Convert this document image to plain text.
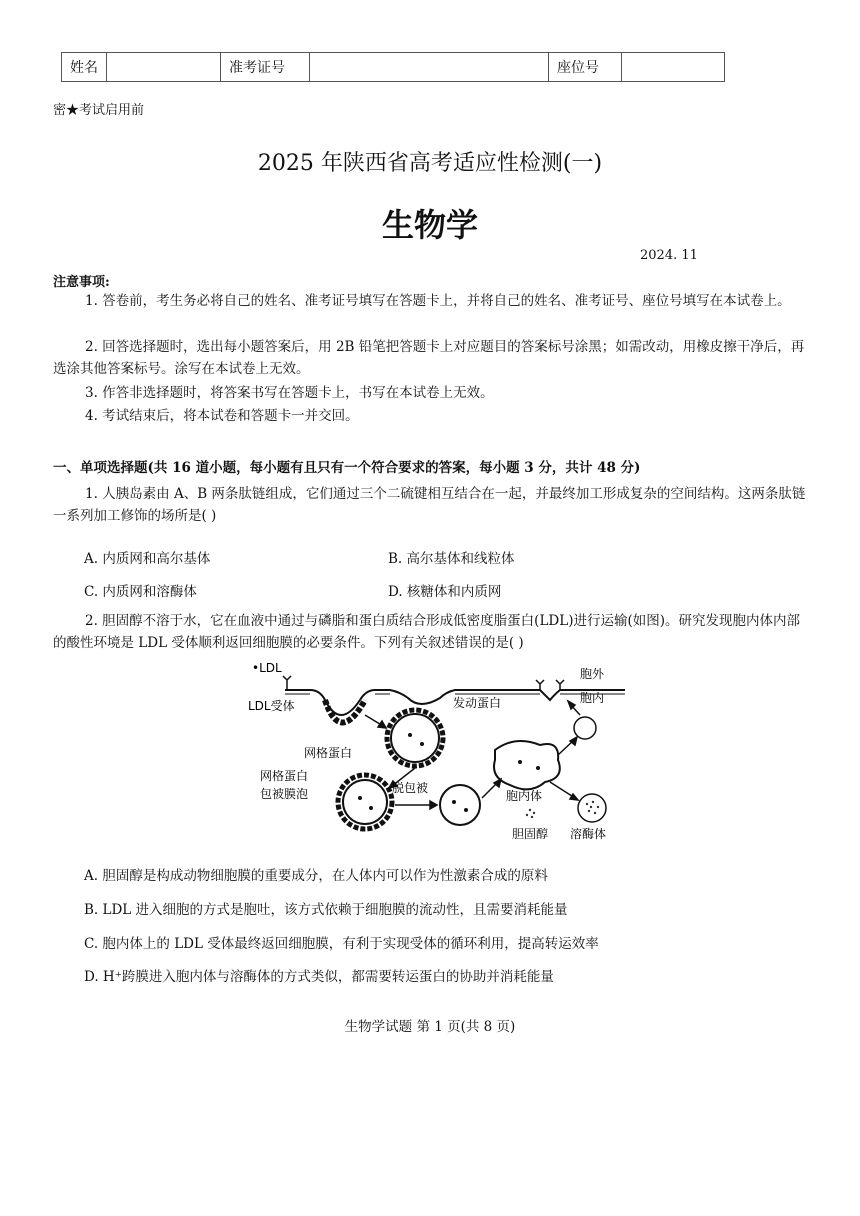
姓名		准考证号		座位号	
密★考试启用前
2025 年陕西省高考适应性检测(一)
生物学
2024. 11
注意事项:
1. 答卷前，考生务必将自己的姓名、准考证号填写在答题卡上，并将自己的姓名、准考证号、座位号填写在本试卷上。
2. 回答选择题时，选出每小题答案后，用 2B 铅笔把答题卡上对应题目的答案标号涂黑；如需改动，用橡皮擦干净后，再选涂其他答案标号。涂写在本试卷上无效。
3. 作答非选择题时，将答案书写在答题卡上，书写在本试卷上无效。
4. 考试结束后，将本试卷和答题卡一并交回。
一、单项选择题(共 16 道小题，每小题有且只有一个符合要求的答案，每小题 3 分，共计 48 分)
1. 人胰岛素由 A、B 两条肽链组成，它们通过三个二硫键相互结合在一起，并最终加工形成复杂的空间结构。这两条肽链一系列加工修饰的场所是( )
A. 内质网和高尔基体	B. 高尔基体和线粒体
C. 内质网和溶酶体	D. 核糖体和内质网
2. 胆固醇不溶于水，它在血液中通过与磷脂和蛋白质结合形成低密度脂蛋白(LDL)进行运输(如图)。研究发现胞内体内部的酸性环境是 LDL 受体顺利返回细胞膜的必要条件。下列有关叙述错误的是( )
•LDL
LDL受体	发动蛋白
胞外
胞内
网格蛋白
网格蛋白
包被膜泡	脱包被
胞内体
胆固醇 溶酶体
A. 胆固醇是构成动物细胞膜的重要成分，在人体内可以作为性激素合成的原料
B. LDL 进入细胞的方式是胞吐，该方式依赖于细胞膜的流动性，且需要消耗能量
C. 胞内体上的 LDL 受体最终返回细胞膜，有利于实现受体的循环利用，提高转运效率
D. H⁺跨膜进入胞内体与溶酶体的方式类似，都需要转运蛋白的协助并消耗能量
生物学试题 第 1 页(共 8 页)
